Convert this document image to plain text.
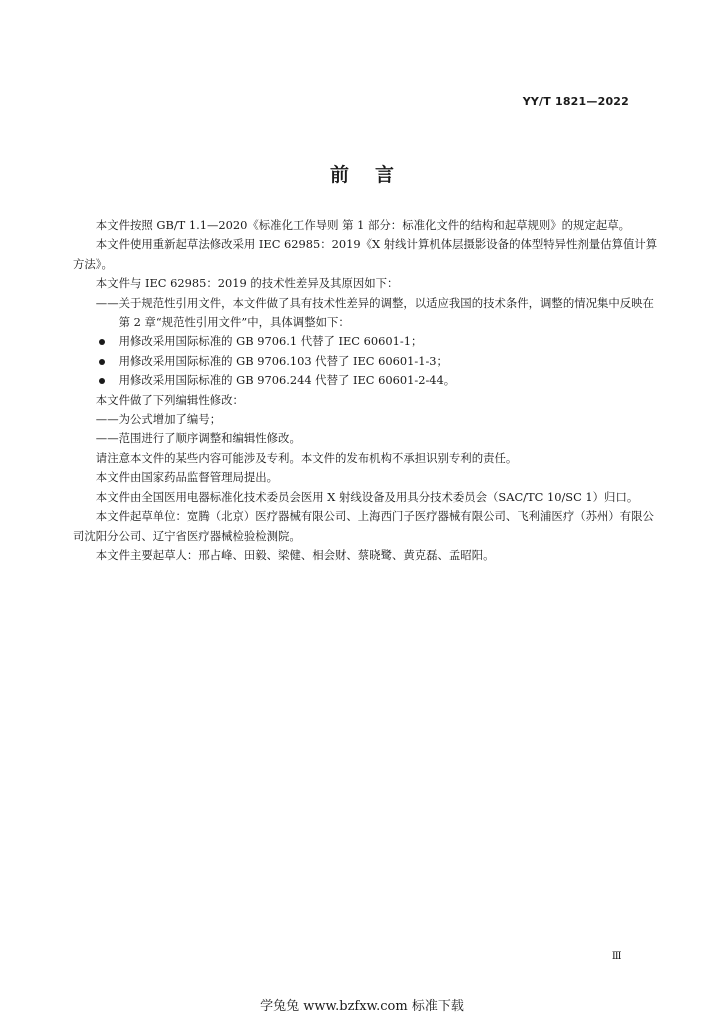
YY/T 1821—2022
前言

本文件按照 GB/T 1.1—2020《标准化工作导则 第 1 部分：标准化文件的结构和起草规则》的规定起草。

本文件使用重新起草法修改采用 IEC 62985：2019《X 射线计算机体层摄影设备的体型特异性剂量估算值计算方法》。

本文件与 IEC 62985：2019 的技术性差异及其原因如下：

——关于规范性引用文件，本文件做了具有技术性差异的调整，以适应我国的技术条件，调整的情况集中反映在第 2 章“规范性引用文件”中，具体调整如下：

用修改采用国际标准的 GB 9706.1 代替了 IEC 60601-1；
用修改采用国际标准的 GB 9706.103 代替了 IEC 60601-1-3；
用修改采用国际标准的 GB 9706.244 代替了 IEC 60601-2-44。

本文件做了下列编辑性修改：

——为公式增加了编号；

——范围进行了顺序调整和编辑性修改。

请注意本文件的某些内容可能涉及专利。本文件的发布机构不承担识别专利的责任。

本文件由国家药品监督管理局提出。

本文件由全国医用电器标准化技术委员会医用 X 射线设备及用具分技术委员会（SAC/TC 10/SC 1）归口。

本文件起草单位：宽腾（北京）医疗器械有限公司、上海西门子医疗器械有限公司、飞利浦医疗（苏州）有限公司沈阳分公司、辽宁省医疗器械检验检测院。

本文件主要起草人：邢占峰、田毅、梁健、相会财、蔡晓鹭、黄克磊、孟昭阳。

Ⅲ
学兔兔 www.bzfxw.com 标准下载
